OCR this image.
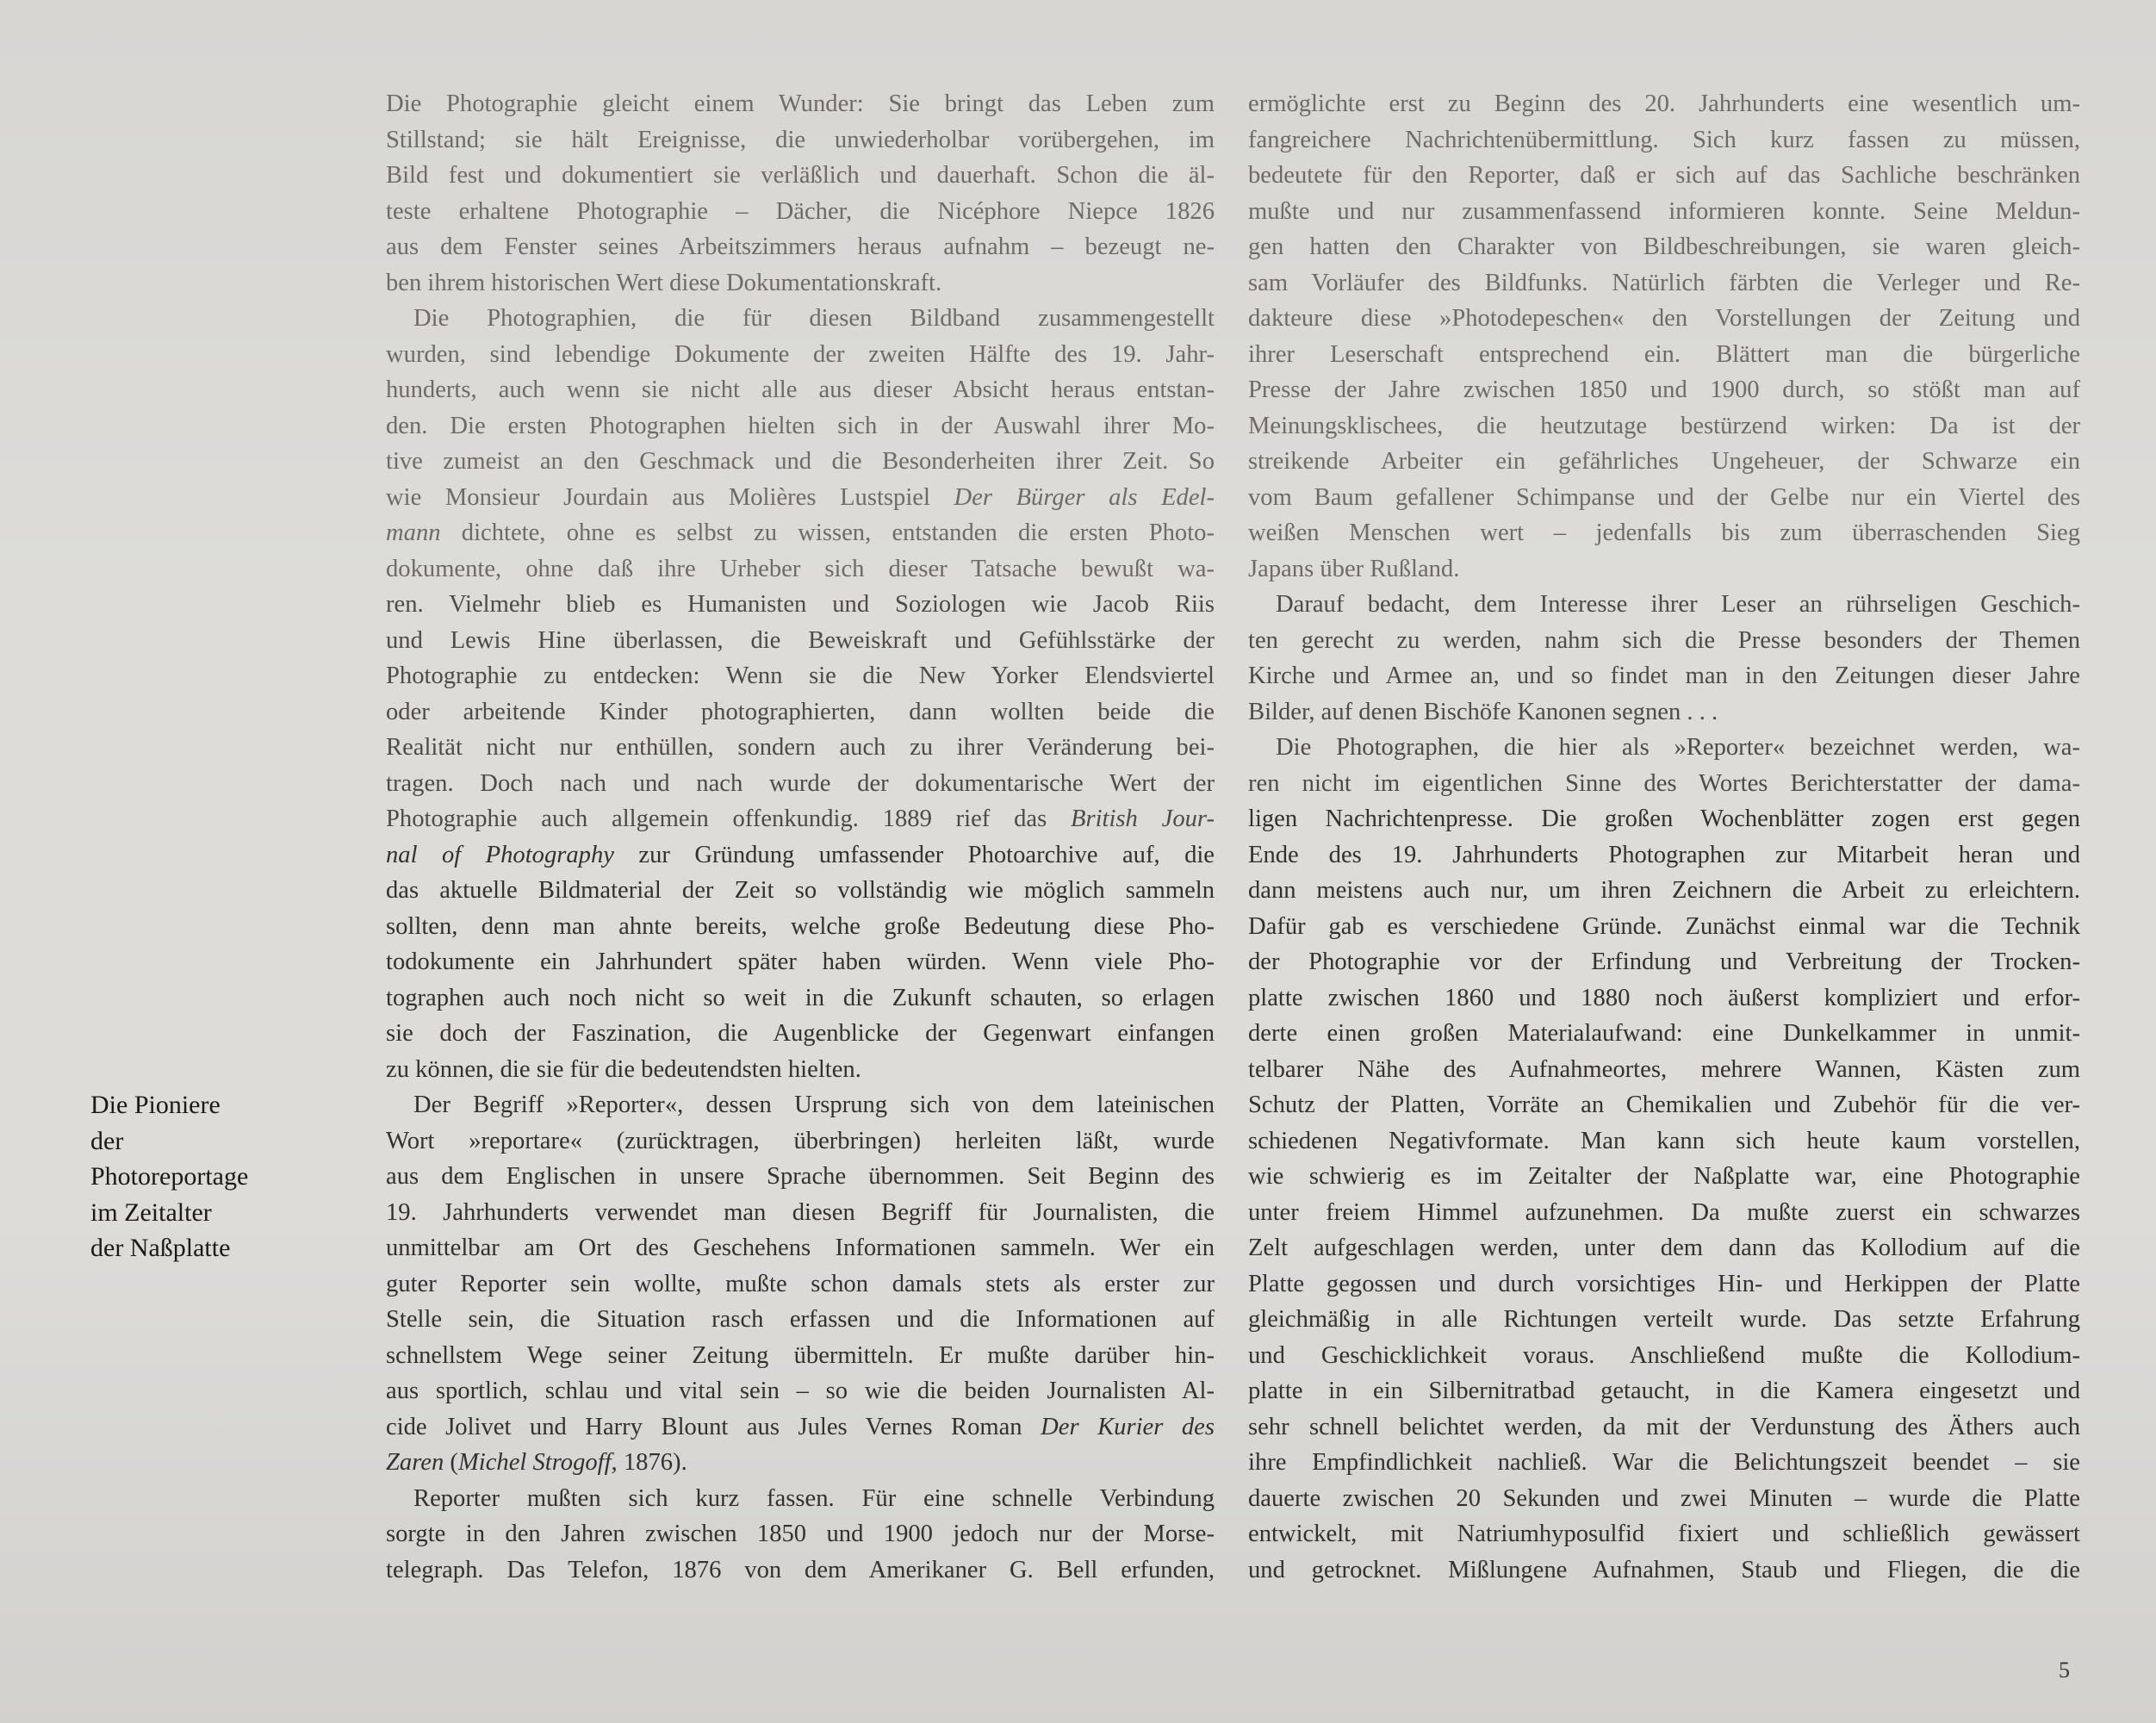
Die Pioniere
der
Photoreportage
im Zeitalter
der Naßplatte
Die Photographie gleicht einem Wunder: Sie bringt das Leben zum
Stillstand; sie hält Ereignisse, die unwiederholbar vorübergehen, im
Bild fest und dokumentiert sie verläßlich und dauerhaft. Schon die äl-
teste erhaltene Photographie – Dächer, die Nicéphore Niepce 1826
aus dem Fenster seines Arbeitszimmers heraus aufnahm – bezeugt ne-
ben ihrem historischen Wert diese Dokumentationskraft.
Die Photographien, die für diesen Bildband zusammengestellt
wurden, sind lebendige Dokumente der zweiten Hälfte des 19. Jahr-
hunderts, auch wenn sie nicht alle aus dieser Absicht heraus entstan-
den. Die ersten Photographen hielten sich in der Auswahl ihrer Mo-
tive zumeist an den Geschmack und die Besonderheiten ihrer Zeit. So
wie Monsieur Jourdain aus Molières Lustspiel Der Bürger als Edel-
mann dichtete, ohne es selbst zu wissen, entstanden die ersten Photo-
dokumente, ohne daß ihre Urheber sich dieser Tatsache bewußt wa-
ren. Vielmehr blieb es Humanisten und Soziologen wie Jacob Riis
und Lewis Hine überlassen, die Beweiskraft und Gefühlsstärke der
Photographie zu entdecken: Wenn sie die New Yorker Elendsviertel
oder arbeitende Kinder photographierten, dann wollten beide die
Realität nicht nur enthüllen, sondern auch zu ihrer Veränderung bei-
tragen. Doch nach und nach wurde der dokumentarische Wert der
Photographie auch allgemein offenkundig. 1889 rief das British Jour-
nal of Photography zur Gründung umfassender Photoarchive auf, die
das aktuelle Bildmaterial der Zeit so vollständig wie möglich sammeln
sollten, denn man ahnte bereits, welche große Bedeutung diese Pho-
todokumente ein Jahrhundert später haben würden. Wenn viele Pho-
tographen auch noch nicht so weit in die Zukunft schauten, so erlagen
sie doch der Faszination, die Augenblicke der Gegenwart einfangen
zu können, die sie für die bedeutendsten hielten.
Der Begriff »Reporter«, dessen Ursprung sich von dem lateinischen
Wort »reportare« (zurücktragen, überbringen) herleiten läßt, wurde
aus dem Englischen in unsere Sprache übernommen. Seit Beginn des
19. Jahrhunderts verwendet man diesen Begriff für Journalisten, die
unmittelbar am Ort des Geschehens Informationen sammeln. Wer ein
guter Reporter sein wollte, mußte schon damals stets als erster zur
Stelle sein, die Situation rasch erfassen und die Informationen auf
schnellstem Wege seiner Zeitung übermitteln. Er mußte darüber hin-
aus sportlich, schlau und vital sein – so wie die beiden Journalisten Al-
cide Jolivet und Harry Blount aus Jules Vernes Roman Der Kurier des
Zaren (Michel Strogoff, 1876).
Reporter mußten sich kurz fassen. Für eine schnelle Verbindung
sorgte in den Jahren zwischen 1850 und 1900 jedoch nur der Morse-
telegraph. Das Telefon, 1876 von dem Amerikaner G. Bell erfunden,
ermöglichte erst zu Beginn des 20. Jahrhunderts eine wesentlich um-
fangreichere Nachrichtenübermittlung. Sich kurz fassen zu müssen,
bedeutete für den Reporter, daß er sich auf das Sachliche beschränken
mußte und nur zusammenfassend informieren konnte. Seine Meldun-
gen hatten den Charakter von Bildbeschreibungen, sie waren gleich-
sam Vorläufer des Bildfunks. Natürlich färbten die Verleger und Re-
dakteure diese »Photodepeschen« den Vorstellungen der Zeitung und
ihrer Leserschaft entsprechend ein. Blättert man die bürgerliche
Presse der Jahre zwischen 1850 und 1900 durch, so stößt man auf
Meinungsklischees, die heutzutage bestürzend wirken: Da ist der
streikende Arbeiter ein gefährliches Ungeheuer, der Schwarze ein
vom Baum gefallener Schimpanse und der Gelbe nur ein Viertel des
weißen Menschen wert – jedenfalls bis zum überraschenden Sieg
Japans über Rußland.
Darauf bedacht, dem Interesse ihrer Leser an rührseligen Geschich-
ten gerecht zu werden, nahm sich die Presse besonders der Themen
Kirche und Armee an, und so findet man in den Zeitungen dieser Jahre
Bilder, auf denen Bischöfe Kanonen segnen . . .
Die Photographen, die hier als »Reporter« bezeichnet werden, wa-
ren nicht im eigentlichen Sinne des Wortes Berichterstatter der dama-
ligen Nachrichtenpresse. Die großen Wochenblätter zogen erst gegen
Ende des 19. Jahrhunderts Photographen zur Mitarbeit heran und
dann meistens auch nur, um ihren Zeichnern die Arbeit zu erleichtern.
Dafür gab es verschiedene Gründe. Zunächst einmal war die Technik
der Photographie vor der Erfindung und Verbreitung der Trocken-
platte zwischen 1860 und 1880 noch äußerst kompliziert und erfor-
derte einen großen Materialaufwand: eine Dunkelkammer in unmit-
telbarer Nähe des Aufnahmeortes, mehrere Wannen, Kästen zum
Schutz der Platten, Vorräte an Chemikalien und Zubehör für die ver-
schiedenen Negativformate. Man kann sich heute kaum vorstellen,
wie schwierig es im Zeitalter der Naßplatte war, eine Photographie
unter freiem Himmel aufzunehmen. Da mußte zuerst ein schwarzes
Zelt aufgeschlagen werden, unter dem dann das Kollodium auf die
Platte gegossen und durch vorsichtiges Hin- und Herkippen der Platte
gleichmäßig in alle Richtungen verteilt wurde. Das setzte Erfahrung
und Geschicklichkeit voraus. Anschließend mußte die Kollodium-
platte in ein Silbernitratbad getaucht, in die Kamera eingesetzt und
sehr schnell belichtet werden, da mit der Verdunstung des Äthers auch
ihre Empfindlichkeit nachließ. War die Belichtungszeit beendet – sie
dauerte zwischen 20 Sekunden und zwei Minuten – wurde die Platte
entwickelt, mit Natriumhyposulfid fixiert und schließlich gewässert
und getrocknet. Mißlungene Aufnahmen, Staub und Fliegen, die die
5
